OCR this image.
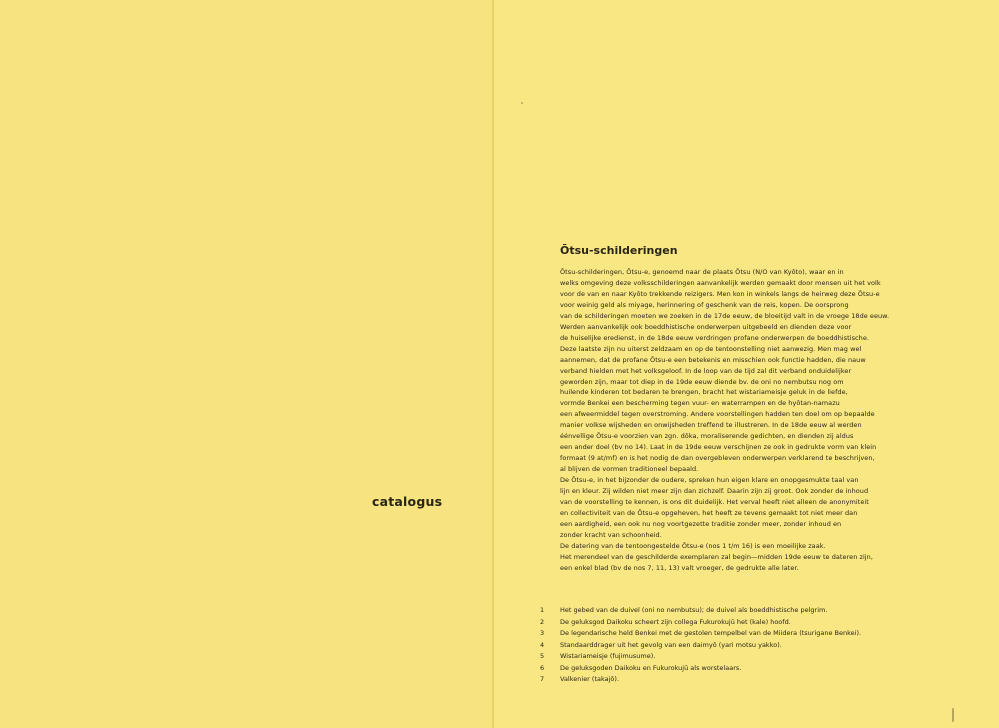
catalogus
Ōtsu-schilderingen

Ōtsu-schilderingen, Ōtsu-e, genoemd naar de plaats Ōtsu (N/O van Kyōto), waar en in
welks omgeving deze volksschilderingen aanvankelijk werden gemaakt door mensen uit het volk
voor de van en naar Kyōto trekkende reizigers. Men kon in winkels langs de heirweg deze Ōtsu-e
voor weinig geld als miyage, herinnering of geschenk van de reis, kopen. De oorsprong
van de schilderingen moeten we zoeken in de 17de eeuw, de bloeitijd valt in de vroege 18de eeuw.
Werden aanvankelijk ook boeddhistische onderwerpen uitgebeeld en dienden deze voor
de huiselijke eredienst, in de 18de eeuw verdringen profane onderwerpen de boeddhistische.
Deze laatste zijn nu uiterst zeldzaam en op de tentoonstelling niet aanwezig. Men mag wel
aannemen, dat de profane Ōtsu-e een betekenis en misschien ook functie hadden, die nauw
verband hielden met het volksgeloof. In de loop van de tijd zal dit verband onduidelijker
geworden zijn, maar tot diep in de 19de eeuw diende bv. de oni no nembutsu nog om
huilende kinderen tot bedaren te brengen, bracht het wistariameisje geluk in de liefde,
vormde Benkei een bescherming tegen vuur- en waterrampen en de hyōtan-namazu
een afweermiddel tegen overstroming. Andere voorstellingen hadden ten doel om op bepaalde
manier volkse wijsheden en onwijsheden treffend te illustreren. In de 18de eeuw al werden
éénvellige Ōtsu-e voorzien van zgn. dōka, moraliserende gedichten, en dienden zij aldus
een ander doel (bv no 14). Laat in de 19de eeuw verschijnen ze ook in gedrukte vorm van klein
formaat (9 at/mf) en is het nodig de dan overgebleven onderwerpen verklarend te beschrijven,
al blijven de vormen traditioneel bepaald.
De Ōtsu-e, in het bijzonder de oudere, spreken hun eigen klare en onopgesmukte taal van
lijn en kleur. Zij wilden niet meer zijn dan zichzelf. Daarin zijn zij groot. Ook zonder de inhoud
van de voorstelling te kennen, is ons dit duidelijk. Het verval heeft niet alleen de anonymiteit
en collectiviteit van de Ōtsu-e opgeheven, het heeft ze tevens gemaakt tot niet meer dan
een aardigheid, een ook nu nog voortgezette traditie zonder meer, zonder inhoud en
zonder kracht van schoonheid.
De datering van de tentoongestelde Ōtsu-e (nos 1 t/m 16) is een moeilijke zaak.
Het merendeel van de geschilderde exemplaren zal begin—midden 19de eeuw te dateren zijn,
een enkel blad (bv de nos 7, 11, 13) valt vroeger, de gedrukte alle later.

1	Het gebed van de duivel (oni no nembutsu); de duivel als boeddhistische pelgrim.
2	De geluksgod Daikoku scheert zijn collega Fukurokujū het (kale) hoofd.
3	De legendarische held Benkei met de gestolen tempelbel van de Miidera (tsurigane Benkei).
4	Standaarddrager uit het gevolg van een daimyō (yari motsu yakko).
5	Wistariameisje (fujimusume).
6	De geluksgoden Daikoku en Fukurokujū als worstelaars.
7	Valkenier (takajō).
